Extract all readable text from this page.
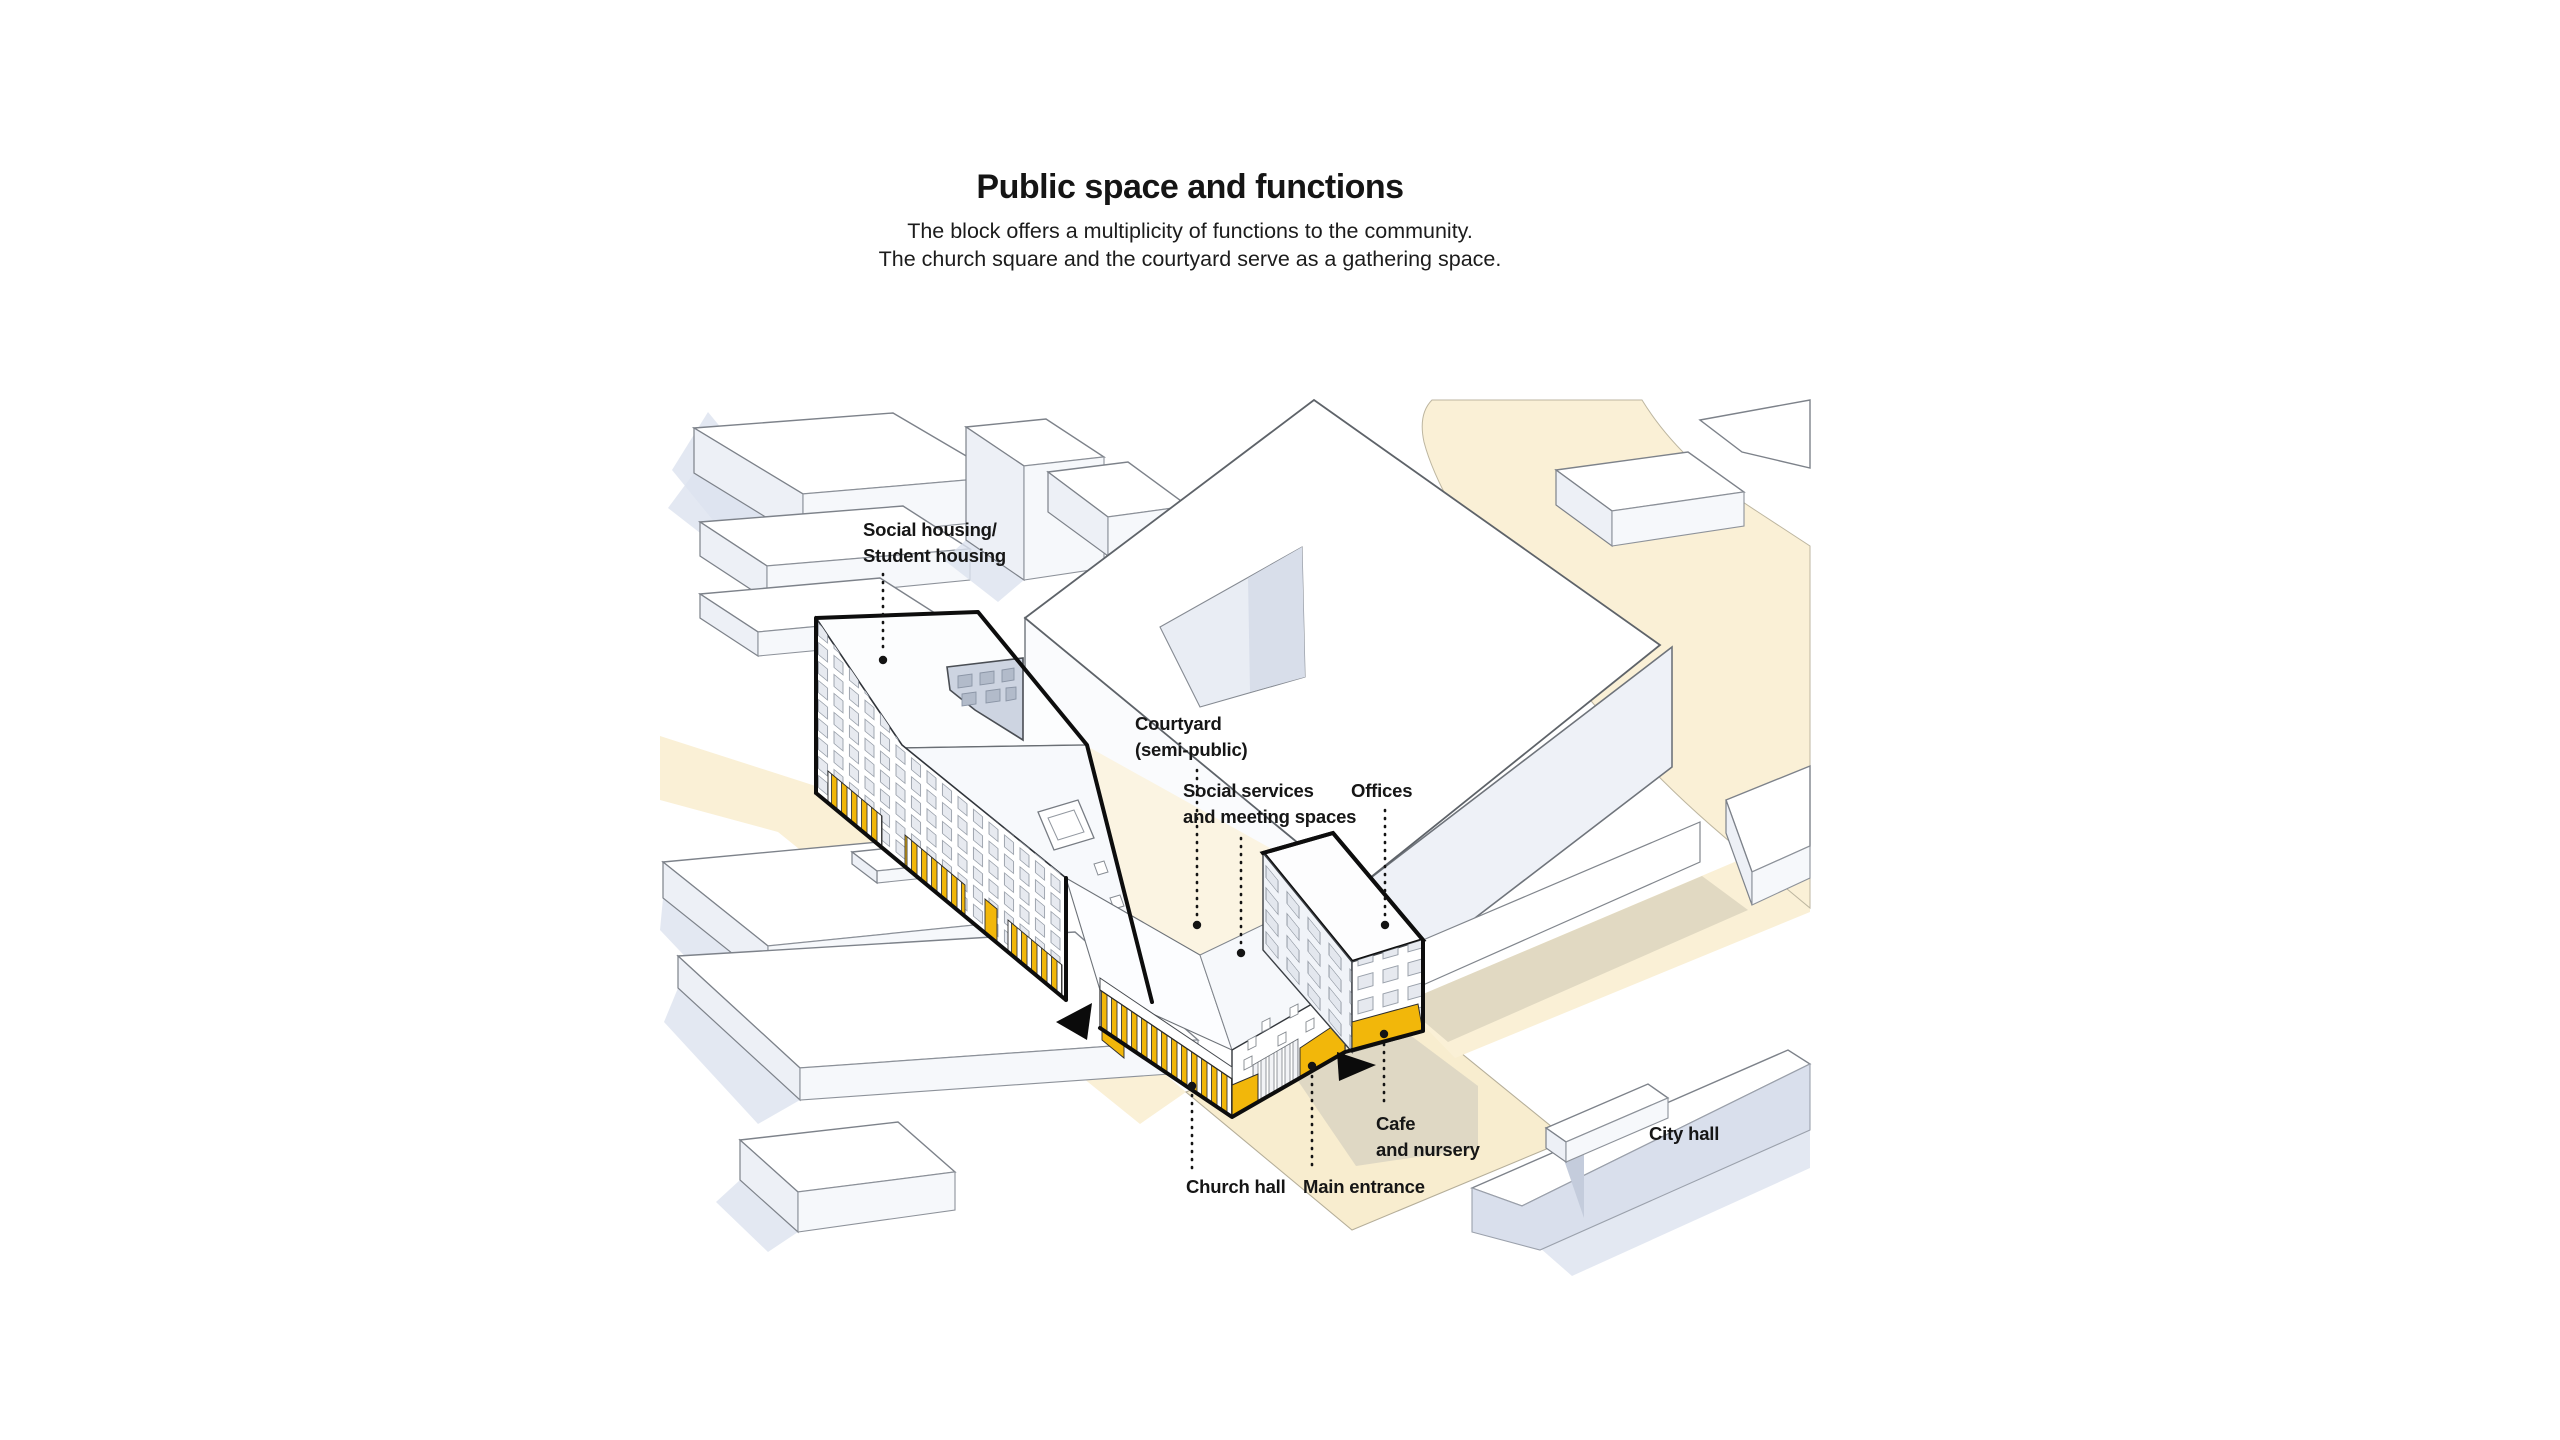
Public space and functions

The block offers a multiplicity of functions to the community.

The church square and the courtyard serve as a gathering space.

Social housing/
Student housing
Courtyard
(semi-public)
Social services
and meeting spaces
Offices
Cafe
and nursery
Main entrance
Church hall
City hall
